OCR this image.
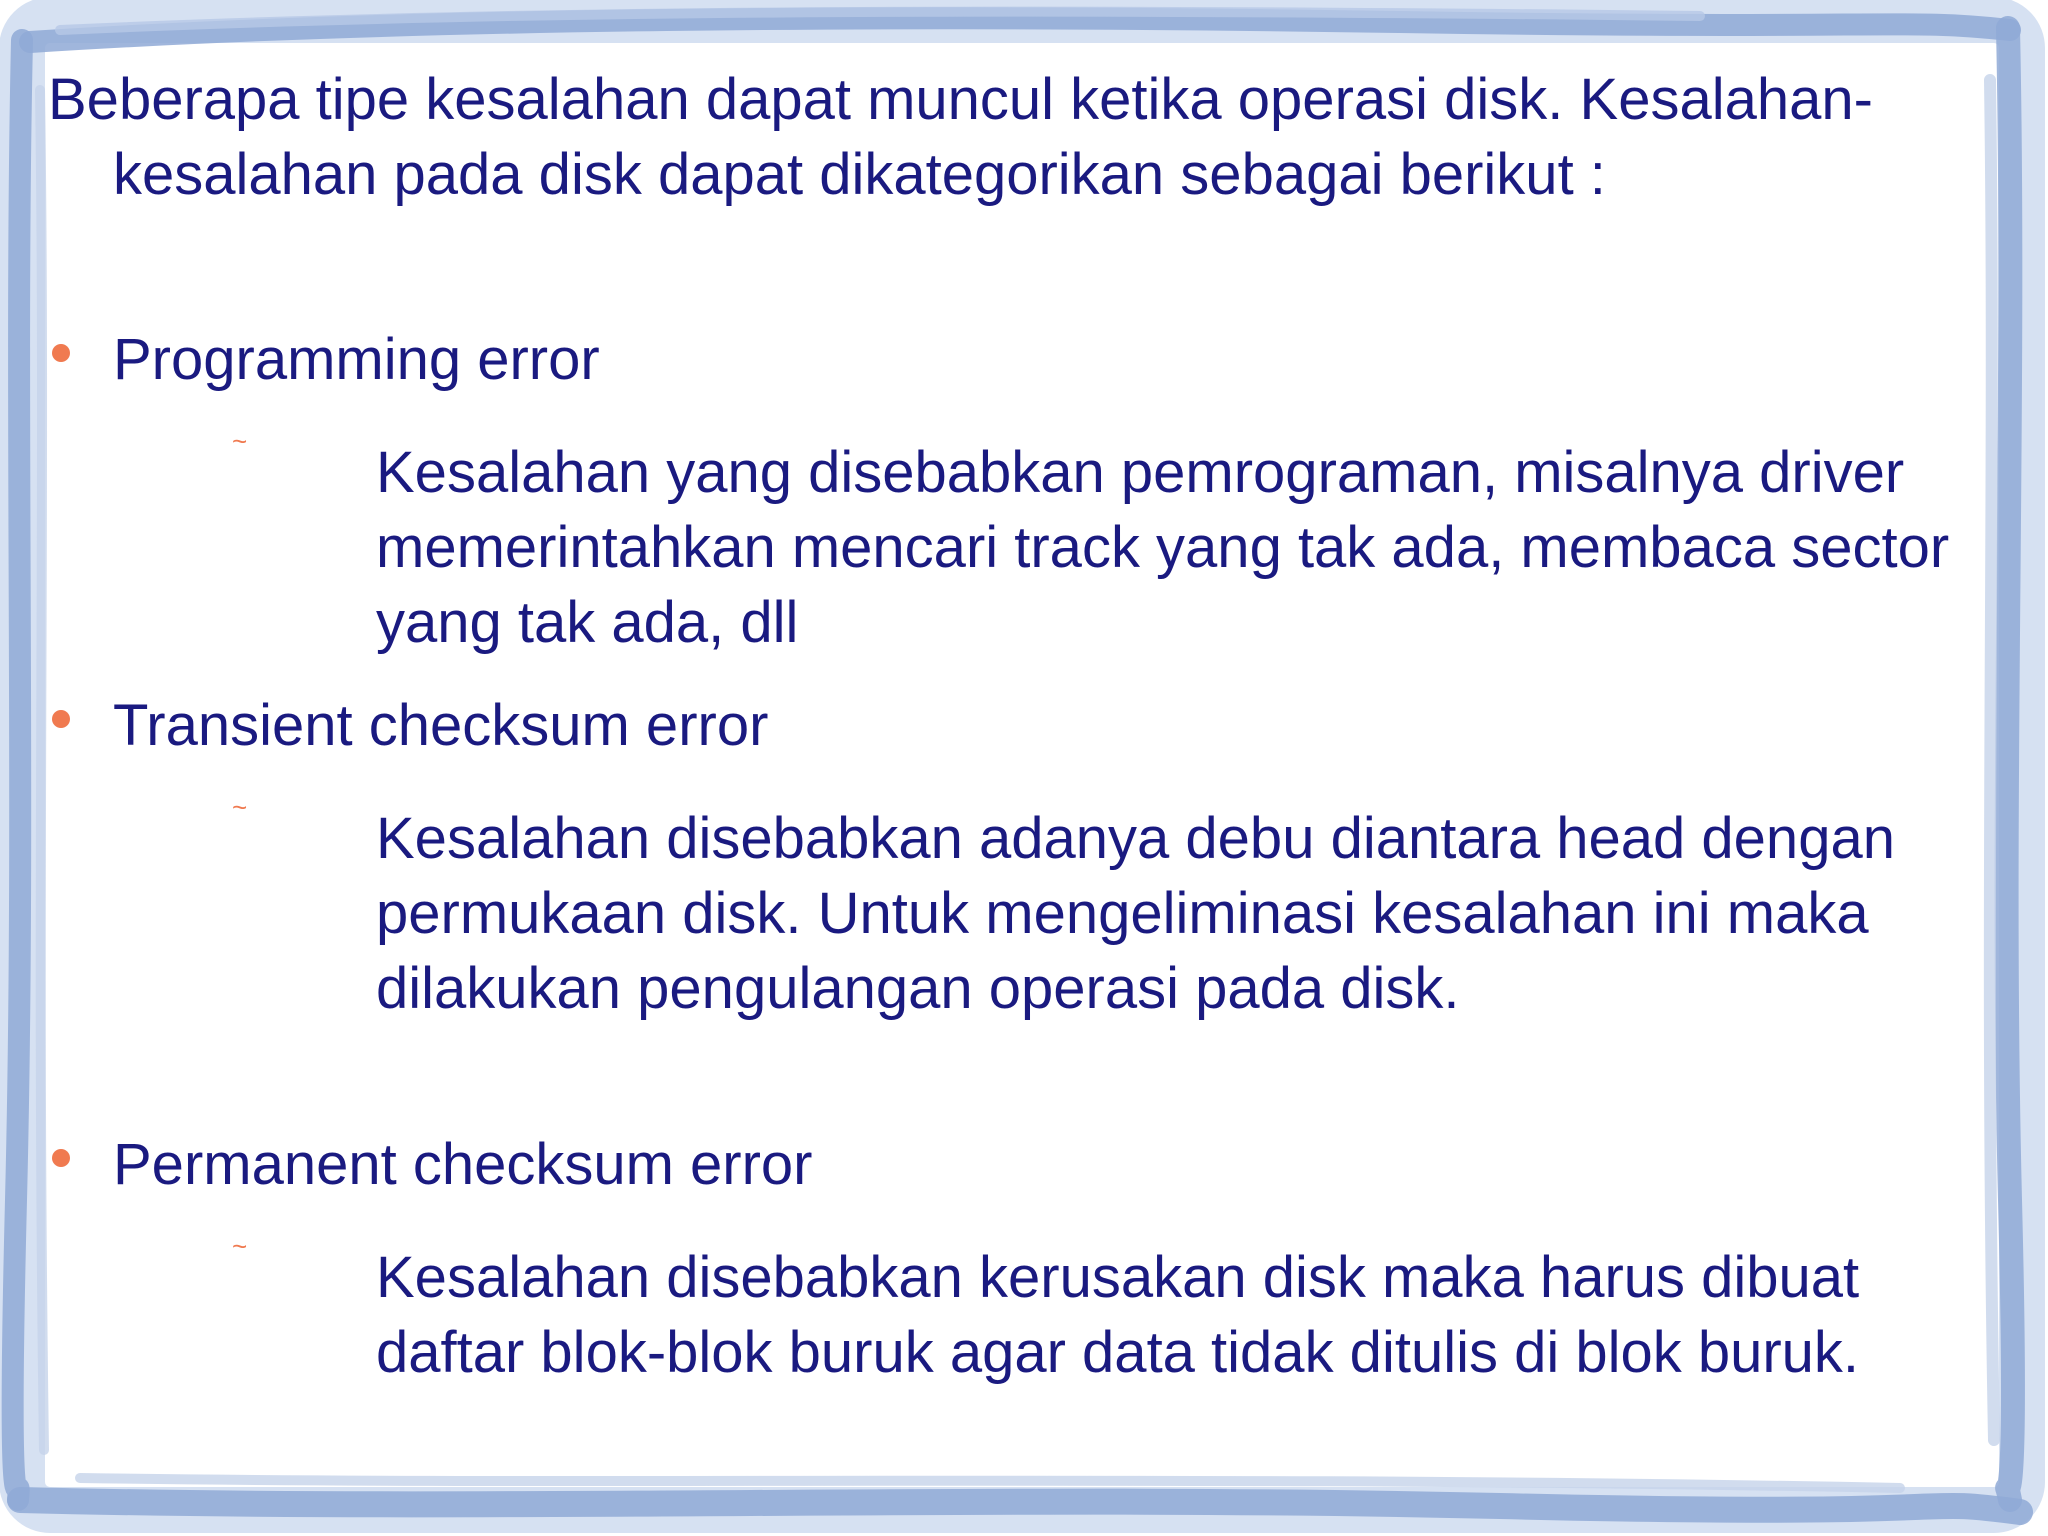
Beberapa tipe kesalahan dapat muncul ketika operasi disk. Kesalahan-kesalahan pada disk dapat dikategorikan sebagai berikut :

Programming error
~ Kesalahan yang disebabkan pemrograman, misalnya driver memerintahkan mencari track yang tak ada, membaca sector yang tak ada, dll

Transient checksum error
~ Kesalahan disebabkan adanya debu diantara head dengan permukaan disk. Untuk mengeliminasi kesalahan ini maka dilakukan pengulangan operasi pada disk.

Permanent checksum error
~ Kesalahan disebabkan kerusakan disk maka harus dibuat daftar blok-blok buruk agar data tidak ditulis di blok buruk.
